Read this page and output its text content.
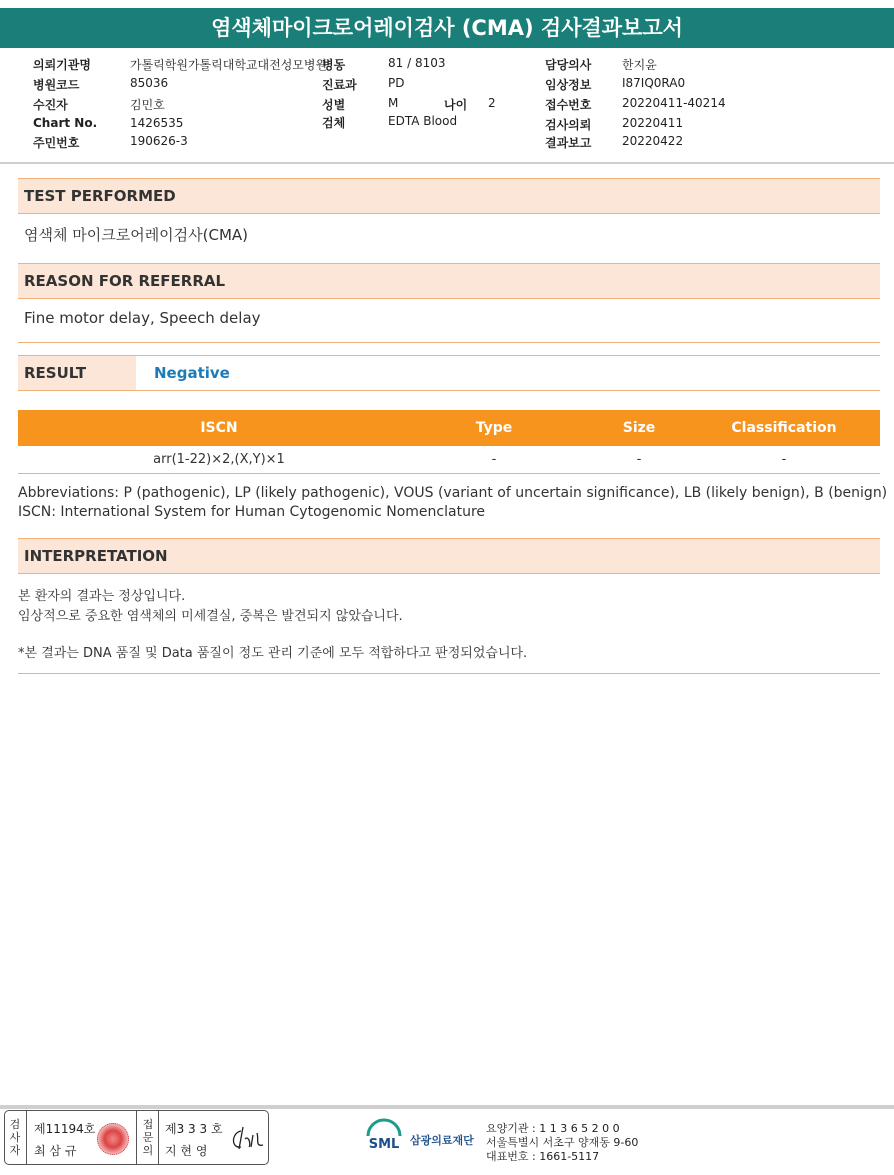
염색체마이크로어레이검사 (CMA) 검사결과보고서
의뢰기관명	가톨릭학원가톨릭대학교대전성모병원
병동	81 / 8103	담당의사	한지윤
병원코드	85036	진료과	PD	임상정보	I87IQ0RA0
수진자	김민호	성별	M	나이 2	접수번호	20220411-40214
Chart No.	1426535	검체	EDTA Blood	검사의뢰	20220411
주민번호	190626-3	결과보고	20220422
TEST PERFORMED
염색체 마이크로어레이검사(CMA)
REASON FOR REFERRAL
Fine motor delay, Speech delay
RESULT	Negative
ISCN	Type	Size	Classification
arr(1-22)×2,(X,Y)×1	-	-	-
Abbreviations: P (pathogenic), LP (likely pathogenic), VOUS (variant of uncertain significance), LB (likely benign), B (benign)
ISCN: International System for Human Cytogenomic Nomenclature
INTERPRETATION
본 환자의 결과는 정상입니다.
임상적으로 중요한 염색체의 미세결실, 중복은 발견되지 않았습니다.
*본 결과는 DNA 품질 및 Data 품질이 정도 관리 기준에 모두 적합하다고 판정되었습니다.
검사자
제11194호
최 삼 규
접문의
제3 3 3 호
지 현 영	SML 삼광의료재단
요양기관 : 1 1 3 6 5 2 0 0
서울특별시 서초구 양재동 9-60
대표번호 : 1661-5117
